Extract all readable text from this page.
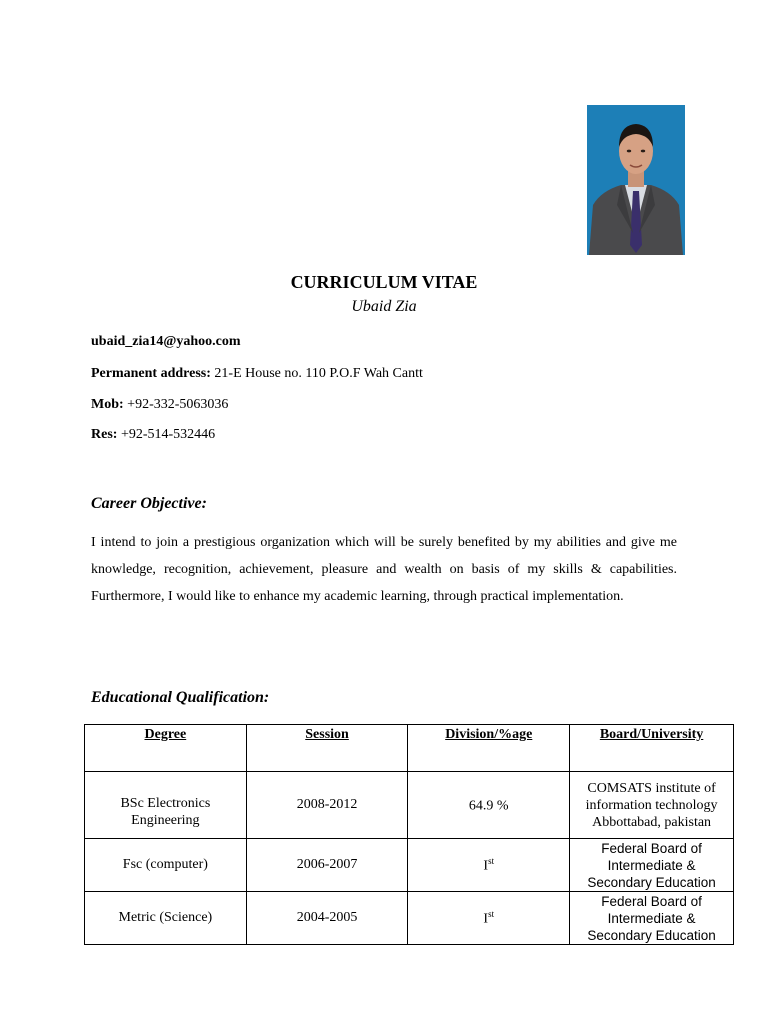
CURRICULUM VITAE
Ubaid Zia
ubaid_zia14@yahoo.com
Permanent address: 21-E House no. 110 P.O.F Wah Cantt
Mob: +92-332-5063036
Res: +92-514-532446
Career Objective:
I intend to join a prestigious organization which will be surely benefited by my abilities and give me knowledge, recognition, achievement, pleasure and wealth on basis of my skills & capabilities. Furthermore, I would like to enhance my academic learning, through practical implementation.
Educational Qualification:
Degree	Session	Division/%age	Board/University
BSc Electronics Engineering	2008-2012	64.9 %	COMSATS institute of information technology Abbottabad, pakistan
Fsc (computer)	2006-2007	Ist	Federal Board of Intermediate & Secondary Education
Metric (Science)	2004-2005	Ist	Federal Board of Intermediate & Secondary Education
